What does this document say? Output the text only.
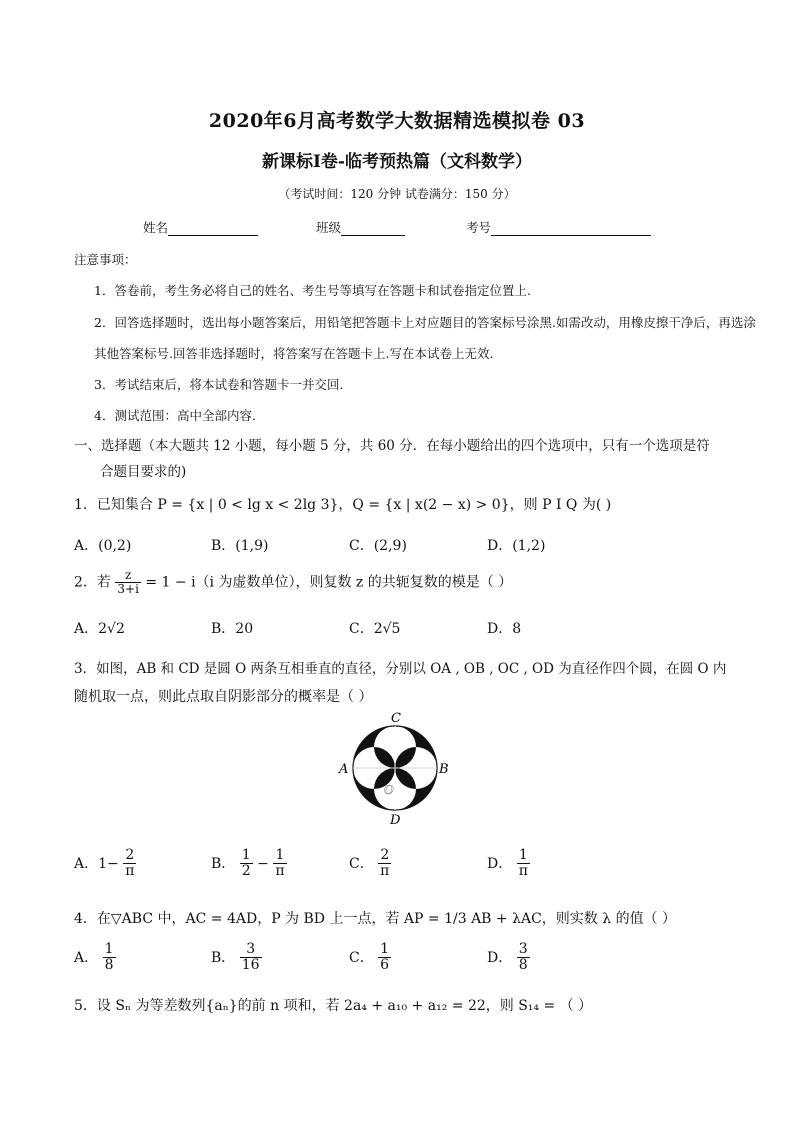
2020年6月高考数学大数据精选模拟卷 03
新课标Ⅰ卷-临考预热篇（文科数学）
（考试时间：120 分钟 试卷满分：150 分）
姓名	班级	考号
注意事项：
1．答卷前，考生务必将自己的姓名、考生号等填写在答题卡和试卷指定位置上.
2．回答选择题时，选出每小题答案后，用铅笔把答题卡上对应题目的答案标号涂黑.如需改动，用橡皮擦干净后，再选涂
其他答案标号.回答非选择题时，将答案写在答题卡上.写在本试卷上无效.
3．考试结束后，将本试卷和答题卡一并交回.
4．测试范围：高中全部内容.
一、选择题（本大题共 12 小题，每小题 5 分，共 60 分．在每小题给出的四个选项中，只有一个选项是符
合题目要求的)
1．已知集合 P = {x | 0 < lg x < 2lg 3}，Q = {x | x(2 − x) > 0}，则 P I Q 为( )
A．(0,2)	B．(1,9)	C．(2,9)	D．(1,2)
2．若 $\frac{z}{3+i} = 1 - i(i$ 为虚数单位），则复数 z 的共轭复数的模是（ ）
A．2√2	B．20	C．2√5	D．8
3．如图，AB 和 CD 是圆 O 两条互相垂直的直径，分别以 OA , OB , OC , OD 为直径作四个圆，在圆 O 内
随机取一点，则此点取自阴影部分的概率是（ ）
C
A	B
O
D
A．$1- \frac{2}{\pi}$	B． $\frac{1}{2} - \frac{1}{\pi}$	C． $\frac{2}{\pi}$	D． $\frac{1}{\pi}$
4．在▽ABC 中，AC = 4AD，P 为 BD 上一点，若 AP = 1/3 AB + λAC，则实数 λ 的值（ ）
A． $\frac{1}{8}$	B． $\frac{3}{16}$	C． $\frac{1}{6}$	D． $\frac{3}{8}$
5．设 Sₙ 为等差数列{aₙ}的前 n 项和，若 2a₄ + a₁₀ + a₁₂ = 22，则 S₁₄ = （ ）
